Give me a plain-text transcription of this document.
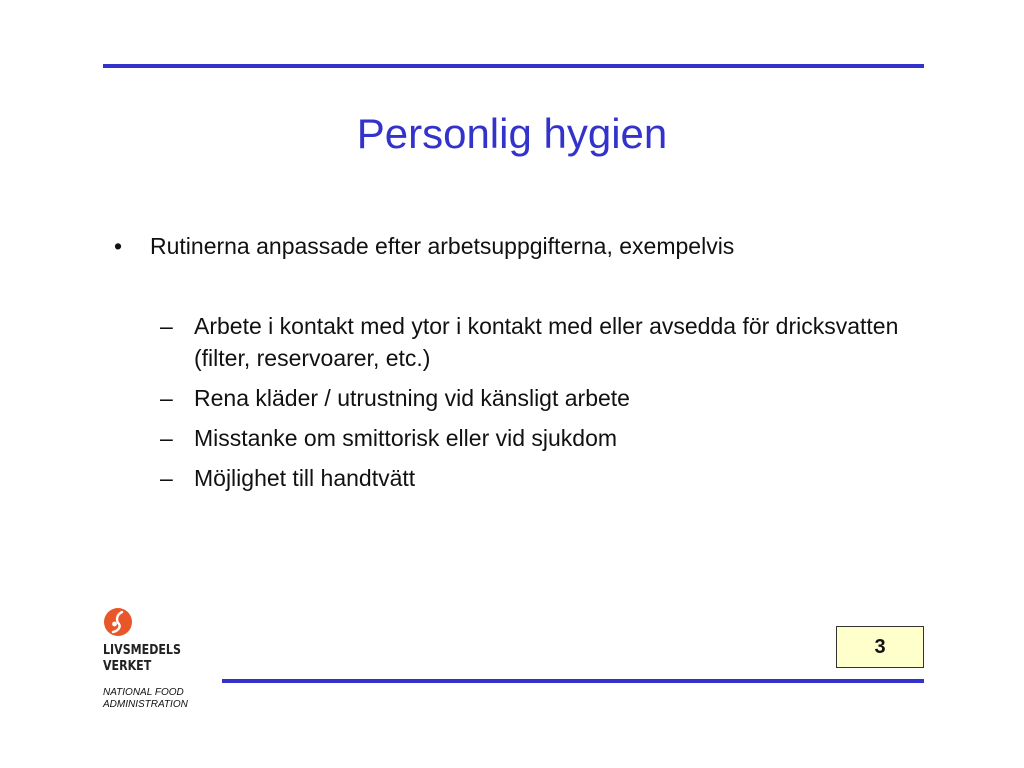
Personlig hygien
•	Rutinerna anpassade efter arbetsuppgifterna, exempelvis
– Arbete i kontakt med ytor i kontakt med eller avsedda för dricksvatten (filter, reservoarer, etc.)
– Rena kläder / utrustning vid känsligt arbete
– Misstanke om smittorisk eller vid sjukdom
– Möjlighet till handtvätt
3
LIVSMEDELS
VERKET
NATIONAL FOOD
ADMINISTRATION
